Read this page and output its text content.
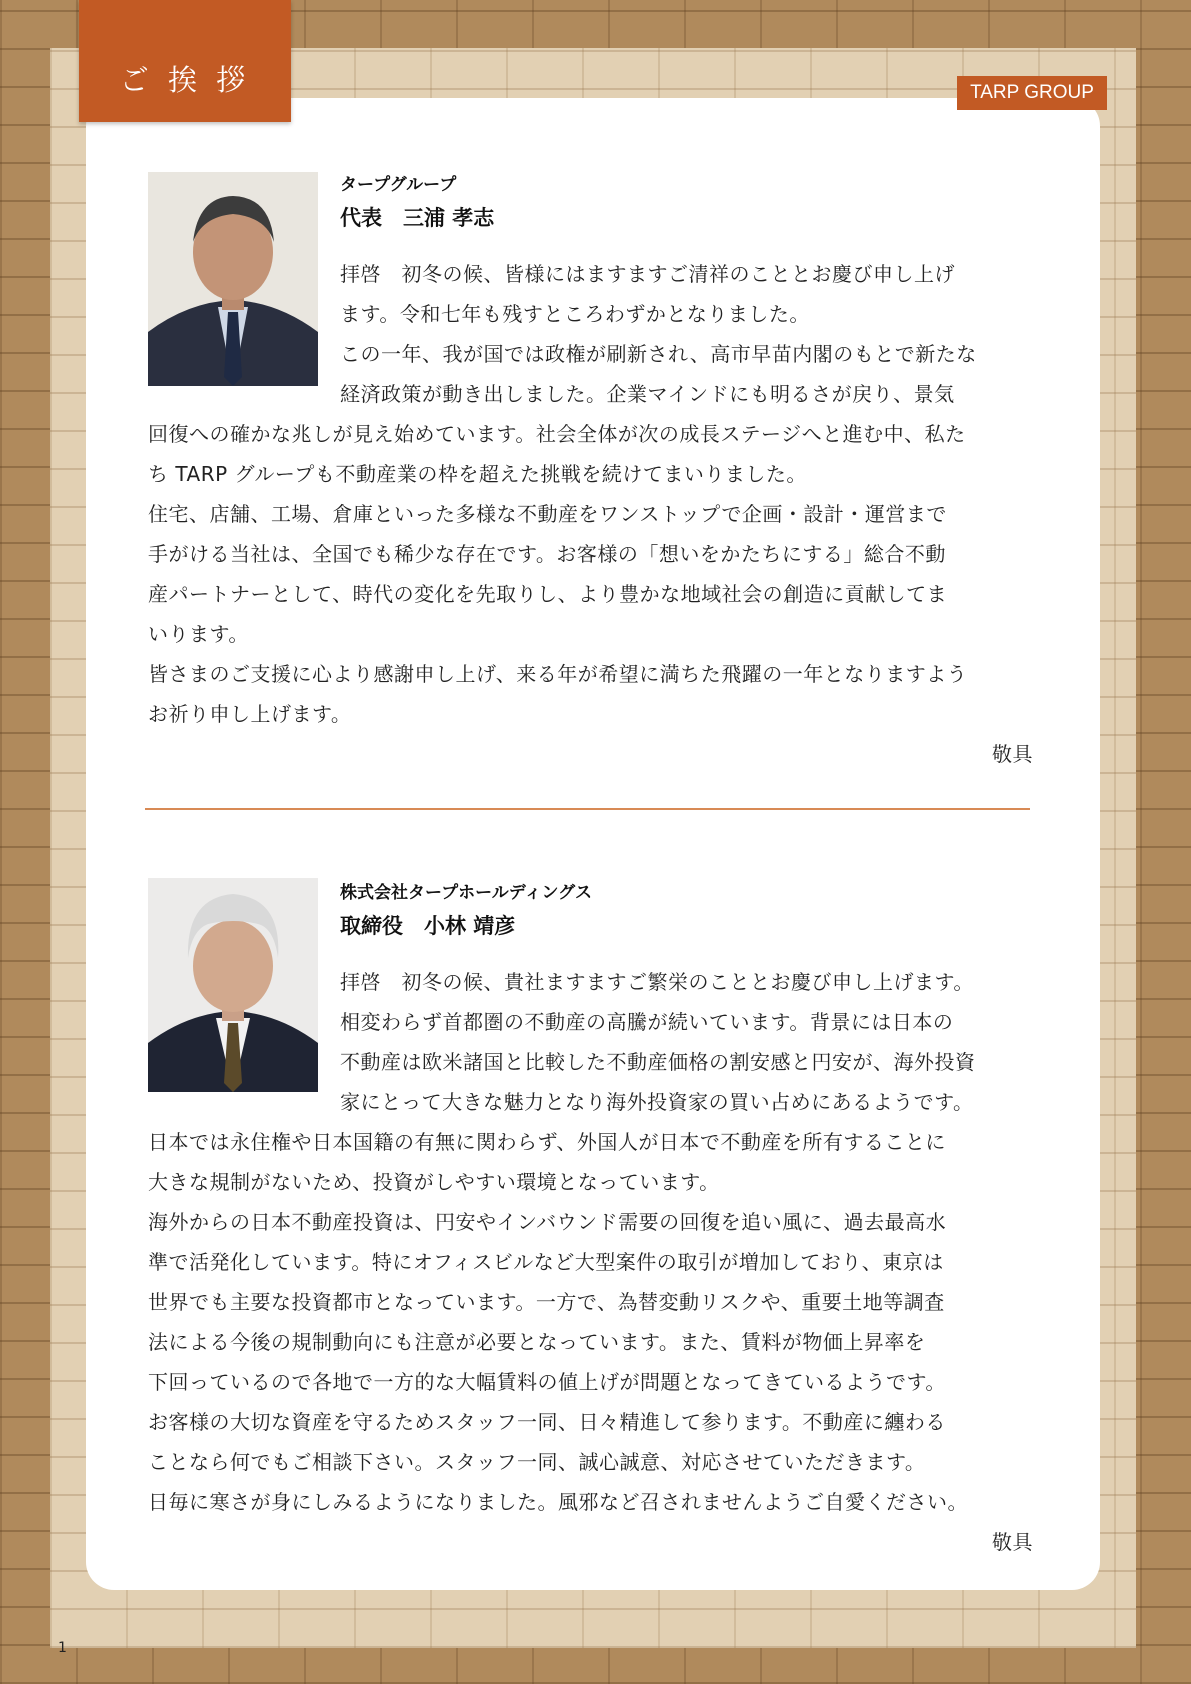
ご 挨 拶	TARP GROUP
タープグループ
代表　三浦 孝志

拝啓　初冬の候、皆様にはますますご清祥のこととお慶び申し上げ

ます。令和七年も残すところわずかとなりました。

この一年、我が国では政権が刷新され、高市早苗内閣のもとで新たな

経済政策が動き出しました。企業マインドにも明るさが戻り、景気

回復への確かな兆しが見え始めています。社会全体が次の成長ステージへと進む中、私た

ち TARP グループも不動産業の枠を超えた挑戦を続けてまいりました。

住宅、店舗、工場、倉庫といった多様な不動産をワンストップで企画・設計・運営まで

手がける当社は、全国でも稀少な存在です。お客様の「想いをかたちにする」総合不動

産パートナーとして、時代の変化を先取りし、より豊かな地域社会の創造に貢献してま

いります。

皆さまのご支援に心より感謝申し上げ、来る年が希望に満ちた飛躍の一年となりますよう

お祈り申し上げます。

敬具

株式会社タープホールディングス
取締役　小林 靖彦

拝啓　初冬の候、貴社ますますご繁栄のこととお慶び申し上げます。

相変わらず首都圏の不動産の高騰が続いています。背景には日本の

不動産は欧米諸国と比較した不動産価格の割安感と円安が、海外投資

家にとって大きな魅力となり海外投資家の買い占めにあるようです。

日本では永住権や日本国籍の有無に関わらず、外国人が日本で不動産を所有することに

大きな規制がないため、投資がしやすい環境となっています。

海外からの日本不動産投資は、円安やインバウンド需要の回復を追い風に、過去最高水

準で活発化しています。特にオフィスビルなど大型案件の取引が増加しており、東京は

世界でも主要な投資都市となっています。一方で、為替変動リスクや、重要土地等調査

法による今後の規制動向にも注意が必要となっています。また、賃料が物価上昇率を

下回っているので各地で一方的な大幅賃料の値上げが問題となってきているようです。

お客様の大切な資産を守るためスタッフ一同、日々精進して参ります。不動産に纏わる

ことなら何でもご相談下さい。スタッフ一同、誠心誠意、対応させていただきます。

日毎に寒さが身にしみるようになりました。風邪など召されませんようご自愛ください。

敬具

1
